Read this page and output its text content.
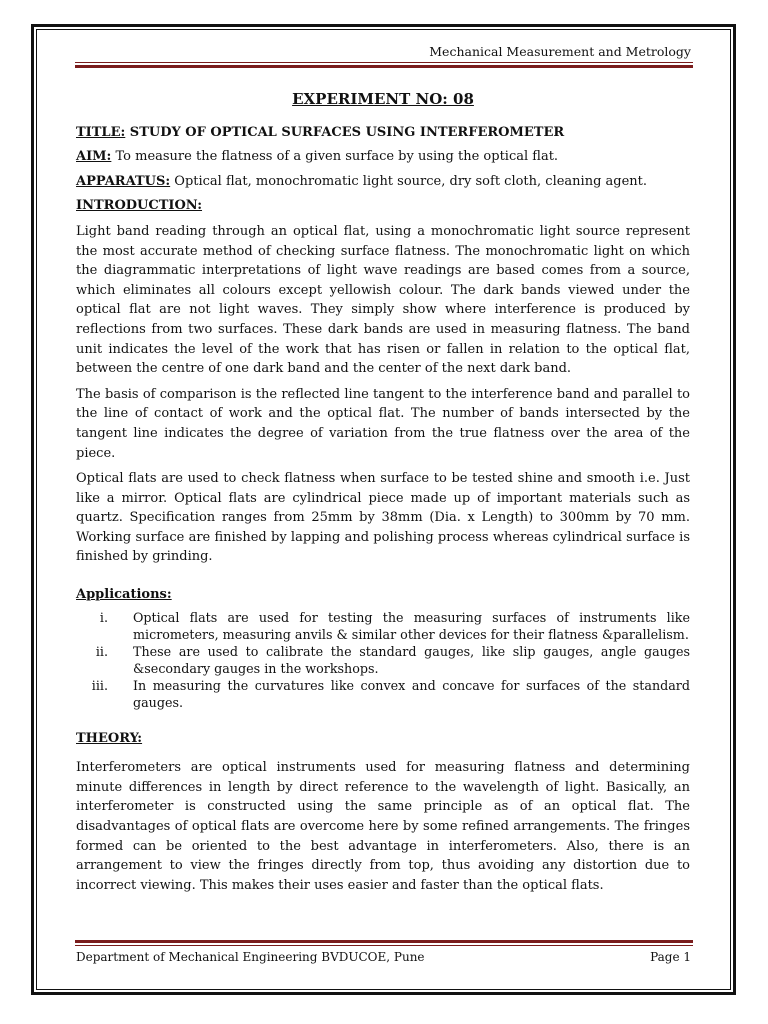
Mechanical Measurement and Metrology
EXPERIMENT NO: 08
TITLE: STUDY OF OPTICAL SURFACES USING INTERFEROMETER
AIM: To measure the flatness of a given surface by using the optical flat.
APPARATUS: Optical flat, monochromatic light source, dry soft cloth, cleaning agent.
INTRODUCTION:

Light band reading through an optical flat, using a monochromatic light source represent the most accurate method of checking surface flatness. The monochromatic light on which the diagrammatic interpretations of light wave readings are based comes from a source, which eliminates all colours except yellowish colour. The dark bands viewed under the optical flat are not light waves. They simply show where interference is produced by reflections from two surfaces. These dark bands are used in measuring flatness. The band unit indicates the level of the work that has risen or fallen in relation to the optical flat, between the centre of one dark band and the center of the next dark band.

The basis of comparison is the reflected line tangent to the interference band and parallel to the line of contact of work and the optical flat. The number of bands intersected by the tangent line indicates the degree of variation from the true flatness over the area of the piece.

Optical flats are used to check flatness when surface to be tested shine and smooth i.e. Just like a mirror. Optical flats are cylindrical piece made up of important materials such as quartz. Specification ranges from 25mm by 38mm (Dia. x Length) to 300mm by 70 mm. Working surface are finished by lapping and polishing process whereas cylindrical surface is finished by grinding.

Applications:
i. Optical flats are used for testing the measuring surfaces of instruments like micrometers, measuring anvils & similar other devices for their flatness &parallelism.
ii. These are used to calibrate the standard gauges, like slip gauges, angle gauges &secondary gauges in the workshops.
iii. In measuring the curvatures like convex and concave for surfaces of the standard gauges.
THEORY:

Interferometers are optical instruments used for measuring flatness and determining minute differences in length by direct reference to the wavelength of light. Basically, an interferometer is constructed using the same principle as of an optical flat. The disadvantages of optical flats are overcome here by some refined arrangements. The fringes formed can be oriented to the best advantage in interferometers. Also, there is an arrangement to view the fringes directly from top, thus avoiding any distortion due to incorrect viewing. This makes their uses easier and faster than the optical flats.

Department of Mechanical Engineering BVDUCOE, Pune	Page 1
